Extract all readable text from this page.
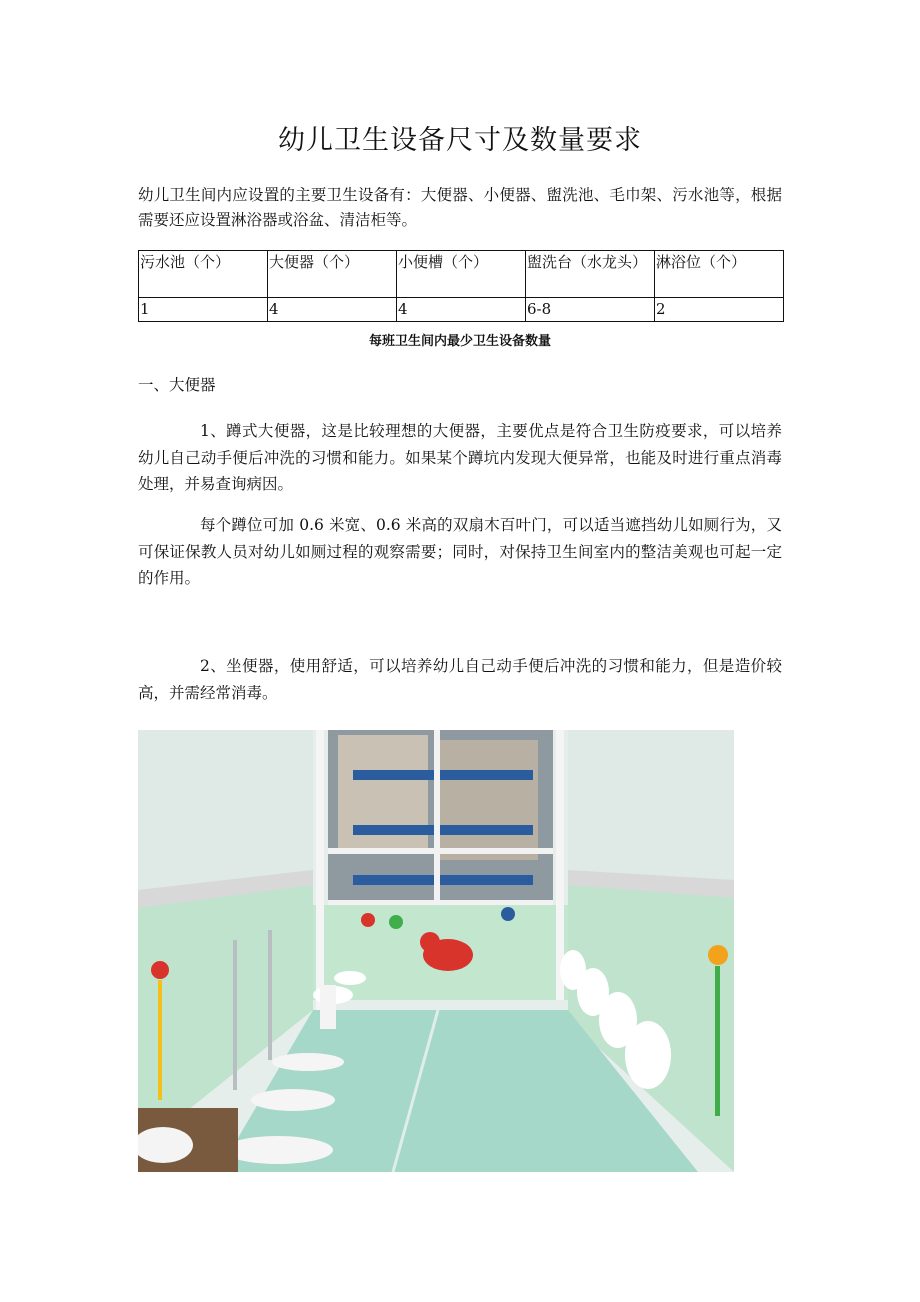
幼儿卫生设备尺寸及数量要求
幼儿卫生间内应设置的主要卫生设备有：大便器、小便器、盥洗池、毛巾架、污水池等，根据需要还应设置淋浴器或浴盆、清洁柜等。
污水池（个）	大便器（个）	小便槽（个）	盥洗台（水龙头）	淋浴位（个）
1	4	4	6-8	2
每班卫生间内最少卫生设备数量
一、大便器
1、蹲式大便器，这是比较理想的大便器，主要优点是符合卫生防疫要求，可以培养幼儿自己动手便后冲洗的习惯和能力。如果某个蹲坑内发现大便异常，也能及时进行重点消毒处理，并易查询病因。
每个蹲位可加 0.6 米宽、0.6 米高的双扇木百叶门，可以适当遮挡幼儿如厕行为，又可保证保教人员对幼儿如厕过程的观察需要；同时，对保持卫生间室内的整洁美观也可起一定的作用。
2、坐便器，使用舒适，可以培养幼儿自己动手便后冲洗的习惯和能力，但是造价较高，并需经常消毒。
